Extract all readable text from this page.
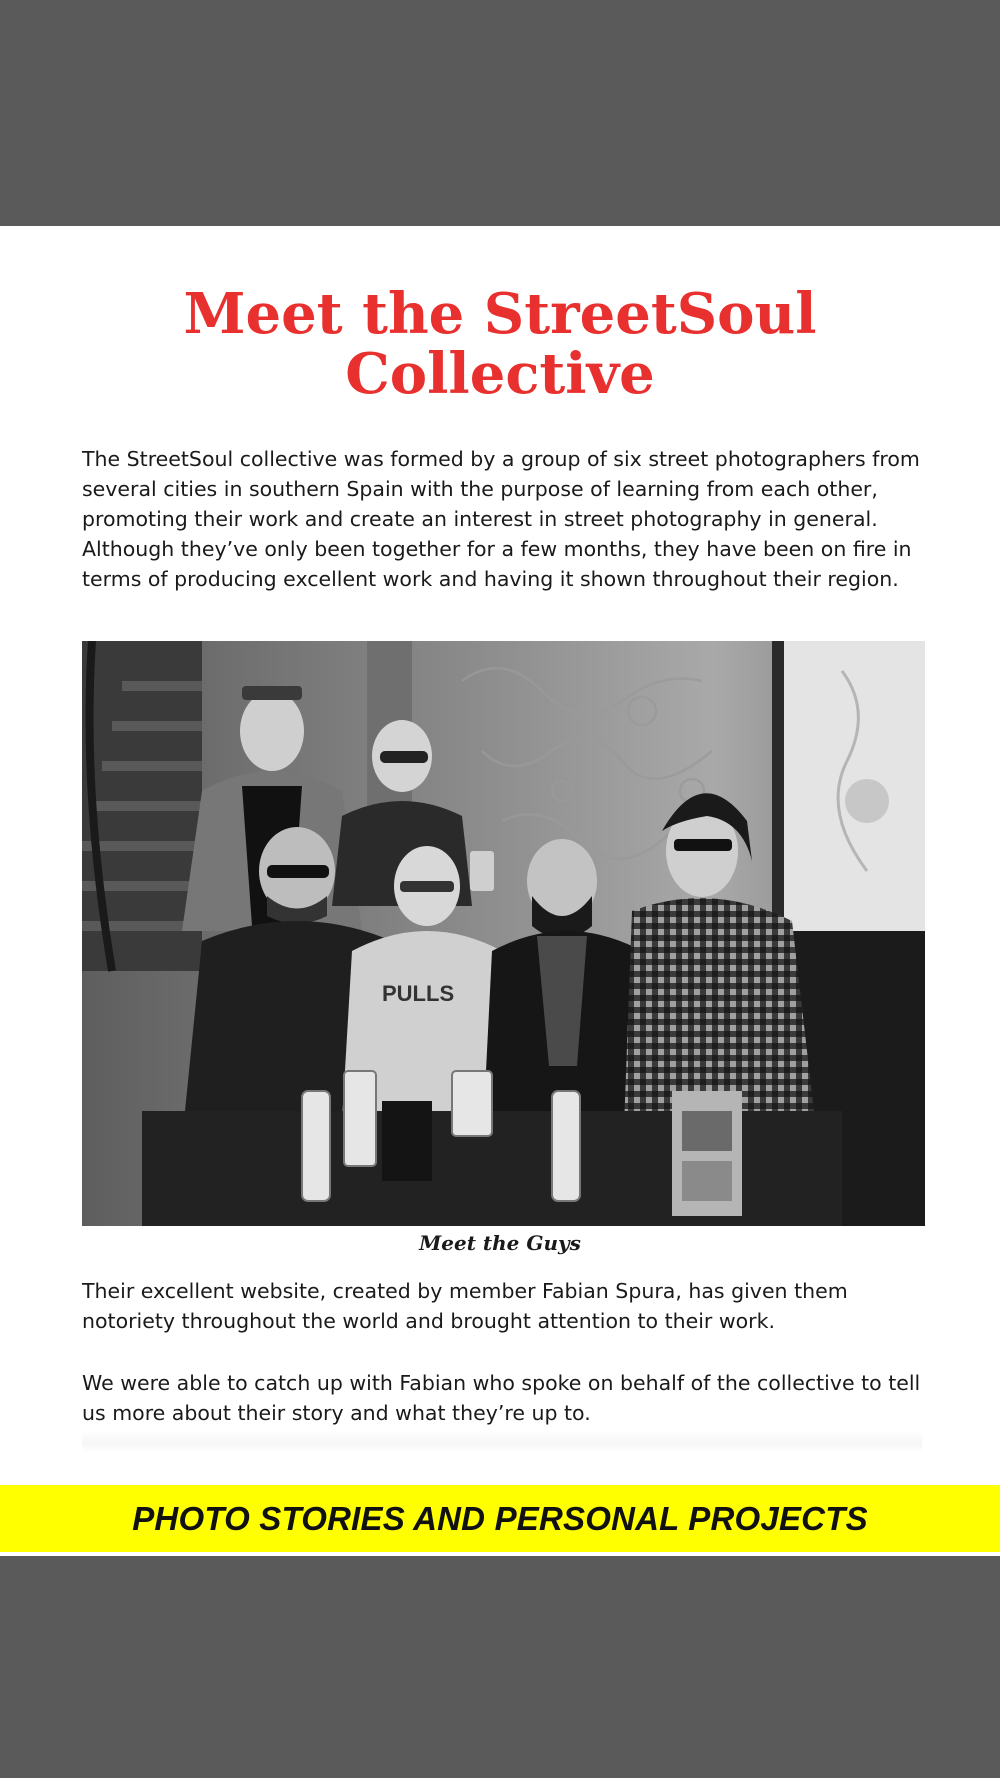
Meet the StreetSoul
Collective

The StreetSoul collective was formed by a group of six street photographers from several cities in southern Spain with the purpose of learning from each other, promoting their work and create an interest in street photography in general. Although they’ve only been together for a few months, they have been on fire in terms of producing excellent work and having it shown throughout their region.

PULLS
Meet the Guys

Their excellent website, created by member Fabian Spura, has given them notoriety throughout the world and brought attention to their work.

We were able to catch up with Fabian who spoke on behalf of the collective to tell us more about their story and what they’re up to.

PHOTO STORIES AND PERSONAL PROJECTS
